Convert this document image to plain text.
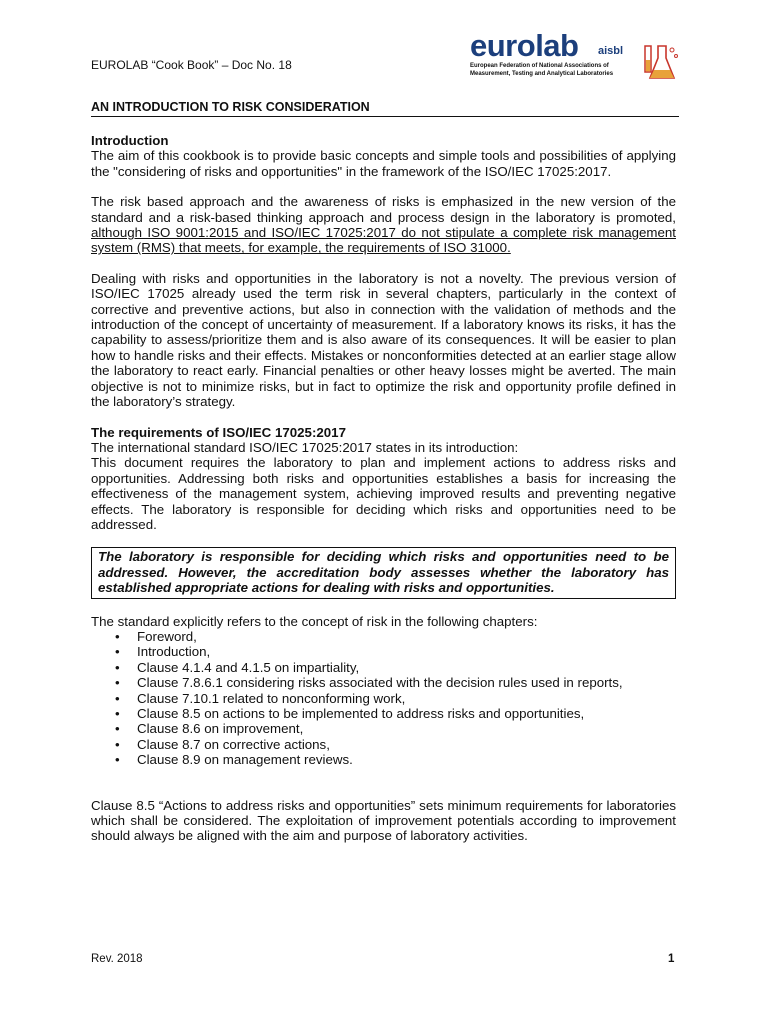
EUROLAB “Cook Book” – Doc No. 18
eurolab aisbl
European Federation of National Associations of
Measurement, Testing and Analytical Laboratories
AN INTRODUCTION TO RISK CONSIDERATION

Introduction

The aim of this cookbook is to provide basic concepts and simple tools and possibilities of applying the "considering of risks and opportunities" in the framework of the ISO/IEC 17025:2017.

The risk based approach and the awareness of risks is emphasized in the new version of the standard and a risk-based thinking approach and process design in the laboratory is promoted, although ISO 9001:2015 and ISO/IEC 17025:2017 do not stipulate a complete risk management system (RMS) that meets, for example, the requirements of ISO 31000.

Dealing with risks and opportunities in the laboratory is not a novelty. The previous version of ISO/IEC 17025 already used the term risk in several chapters, particularly in the context of corrective and preventive actions, but also in connection with the validation of methods and the introduction of the concept of uncertainty of measurement. If a laboratory knows its risks, it has the capability to assess/prioritize them and is also aware of its consequences. It will be easier to plan how to handle risks and their effects. Mistakes or nonconformities detected at an earlier stage allow the laboratory to react early. Financial penalties or other heavy losses might be averted. The main objective is not to minimize risks, but in fact to optimize the risk and opportunity profile defined in the laboratory’s strategy.

The requirements of ISO/IEC 17025:2017

The international standard ISO/IEC 17025:2017 states in its introduction:

This document requires the laboratory to plan and implement actions to address risks and opportunities. Addressing both risks and opportunities establishes a basis for increasing the effectiveness of the management system, achieving improved results and preventing negative effects. The laboratory is responsible for deciding which risks and opportunities need to be addressed.

The laboratory is responsible for deciding which risks and opportunities need to be addressed. However, the accreditation body assesses whether the laboratory has established appropriate actions for dealing with risks and opportunities.

The standard explicitly refers to the concept of risk in the following chapters:

• Foreword,
• Introduction,
• Clause 4.1.4 and 4.1.5 on impartiality,
• Clause 7.8.6.1 considering risks associated with the decision rules used in reports,
• Clause 7.10.1 related to nonconforming work,
• Clause 8.5 on actions to be implemented to address risks and opportunities,
• Clause 8.6 on improvement,
• Clause 8.7 on corrective actions,
• Clause 8.9 on management reviews.

Clause 8.5 “Actions to address risks and opportunities” sets minimum requirements for laboratories which shall be considered. The exploitation of improvement potentials according to improvement should always be aligned with the aim and purpose of laboratory activities.

Rev. 2018	1
